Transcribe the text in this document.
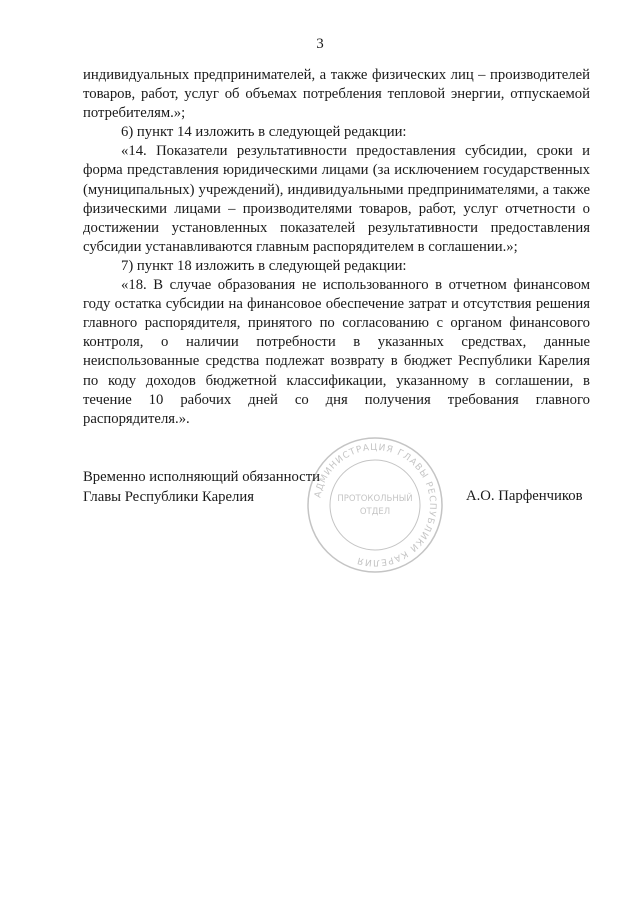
3

индивидуальных предпринимателей, а также физических лиц – производителей товаров, работ, услуг об объемах потребления тепловой энергии, отпускаемой потребителям.»;

6) пункт 14 изложить в следующей редакции:

«14. Показатели результативности предоставления субсидии, сроки и форма представления юридическими лицами (за исключением государственных (муниципальных) учреждений), индивидуальными предпринимателями, а также физическими лицами – производителями товаров, работ, услуг отчетности о достижении установленных показателей результативности предоставления субсидии устанавливаются главным распорядителем в соглашении.»;

7) пункт 18 изложить в следующей редакции:

«18. В случае образования не использованного в отчетном финансовом году остатка субсидии на финансовое обеспечение затрат и отсутствия решения главного распорядителя, принятого по согласованию с органом финансового контроля, о наличии потребности в указанных средствах, данные неиспользованные средства подлежат возврату в бюджет Республики Карелия по коду доходов бюджетной классификации, указанному в соглашении, в течение 10 рабочих дней со дня получения требования главного распорядителя.».

АДМИНИСТРАЦИЯ ГЛАВЫ РЕСПУБЛИКИ КАРЕЛИЯ
ПРОТОКОЛЬНЫЙ
ОТДЕЛ
Временно исполняющий обязанности
Главы Республики Карелия	А.О. Парфенчиков
